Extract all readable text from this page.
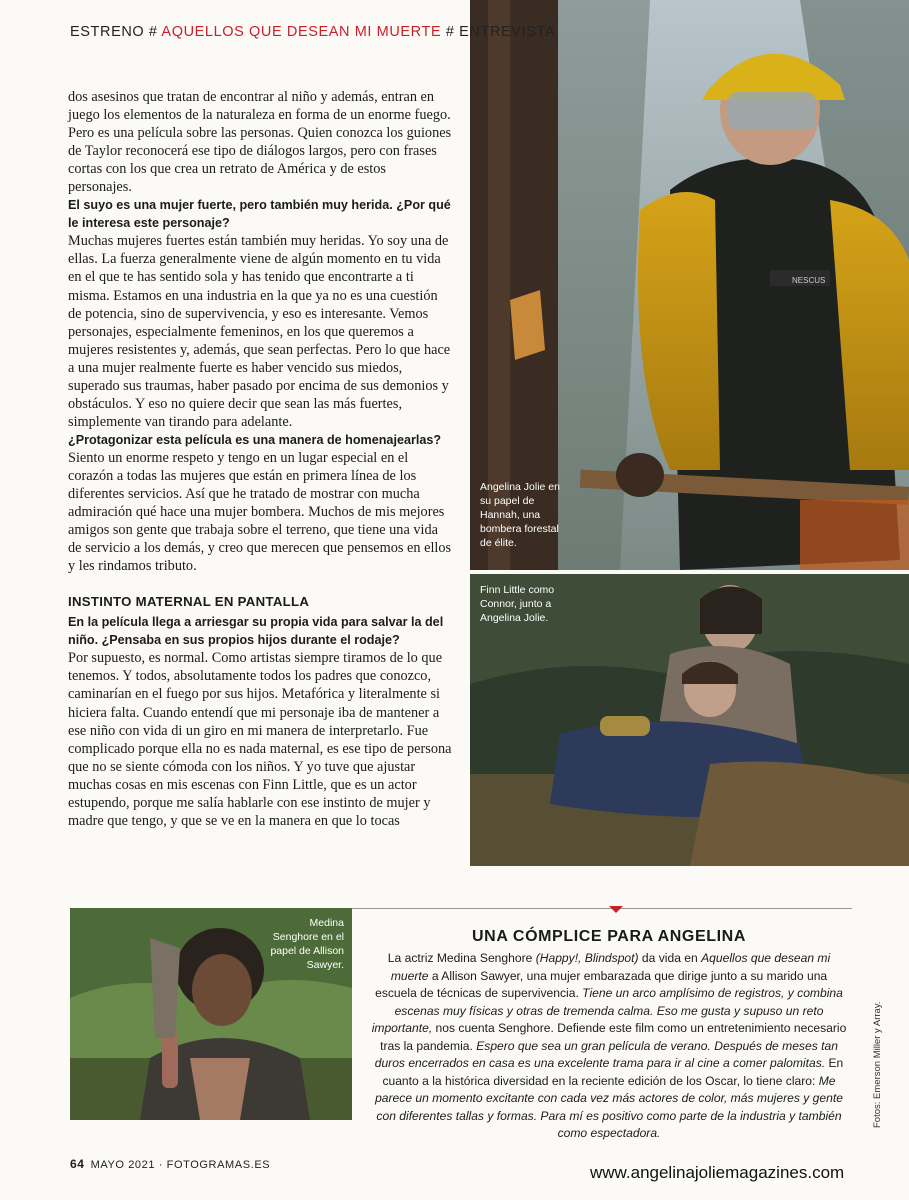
ESTRENO # AQUELLOS QUE DESEAN MI MUERTE # ENTREVISTA
NESCUS
Angelina Jolie en su papel de Hannah, una bombera forestal de élite.
Finn Little como Connor, junto a Angelina Jolie.

dos asesinos que tratan de encontrar al niño y además, entran en juego los elementos de la naturaleza en forma de un enorme fuego. Pero es una película sobre las personas. Quien conozca los guiones de Taylor reconocerá ese tipo de diálogos largos, pero con frases cortas con los que crea un retrato de América y de estos personajes.

El suyo es una mujer fuerte, pero también muy herida. ¿Por qué le interesa este personaje?

Muchas mujeres fuertes están también muy heridas. Yo soy una de ellas. La fuerza generalmente viene de algún momento en tu vida en el que te has sentido sola y has tenido que encontrarte a ti misma. Estamos en una industria en la que ya no es una cuestión de potencia, sino de supervivencia, y eso es interesante. Vemos personajes, especialmente femeninos, en los que queremos a mujeres resistentes y, además, que sean perfectas. Pero lo que hace a una mujer realmente fuerte es haber vencido sus miedos, superado sus traumas, haber pasado por encima de sus demonios y obstáculos. Y eso no quiere decir que sean las más fuertes, simplemente van tirando para adelante.

¿Protagonizar esta película es una manera de homenajearlas?

Siento un enorme respeto y tengo en un lugar especial en el corazón a todas las mujeres que están en primera línea de los diferentes servicios. Así que he tratado de mostrar con mucha admiración qué hace una mujer bombera. Muchos de mis mejores amigos son gente que trabaja sobre el terreno, que tiene una vida de servicio a los demás, y creo que merecen que pensemos en ellos y les rindamos tributo.

INSTINTO MATERNAL EN PANTALLA

En la película llega a arriesgar su propia vida para salvar la del niño. ¿Pensaba en sus propios hijos durante el rodaje?

Por supuesto, es normal. Como artistas siempre tiramos de lo que tenemos. Y todos, absolutamente todos los padres que conozco, caminarían en el fuego por sus hijos. Metafórica y literalmente si hiciera falta. Cuando entendí que mi personaje iba de mantener a ese niño con vida di un giro en mi manera de interpretarlo. Fue complicado porque ella no es nada maternal, es ese tipo de persona que no se siente cómoda con los niños. Y yo tuve que ajustar muchas cosas en mis escenas con Finn Little, que es un actor estupendo, porque me salía hablarle con ese instinto de mujer y madre que tengo, y que se ve en la manera en que lo tocas

Medina Senghore en el papel de Allison Sawyer.
UNA CÓMPLICE PARA ANGELINA
La actriz Medina Senghore (Happy!, Blindspot) da vida en Aquellos que desean mi muerte a Allison Sawyer, una mujer embarazada que dirige junto a su marido una escuela de técnicas de supervivencia. Tiene un arco amplísimo de registros, y combina escenas muy físicas y otras de tremenda calma. Eso me gusta y supuso un reto importante, nos cuenta Senghore. Defiende este film como un entretenimiento necesario tras la pandemia. Espero que sea un gran película de verano. Después de meses tan duros encerrados en casa es una excelente trama para ir al cine a comer palomitas. En cuanto a la histórica diversidad en la reciente edición de los Oscar, lo tiene claro: Me parece un momento excitante con cada vez más actores de color, más mujeres y gente con diferentes tallas y formas. Para mí es positivo como parte de la industria y también como espectadora.
Fotos: Emerson Miller y Array.
64 MAYO 2021 · FOTOGRAMAS.ES	www.angelinajoliemagazines.com
